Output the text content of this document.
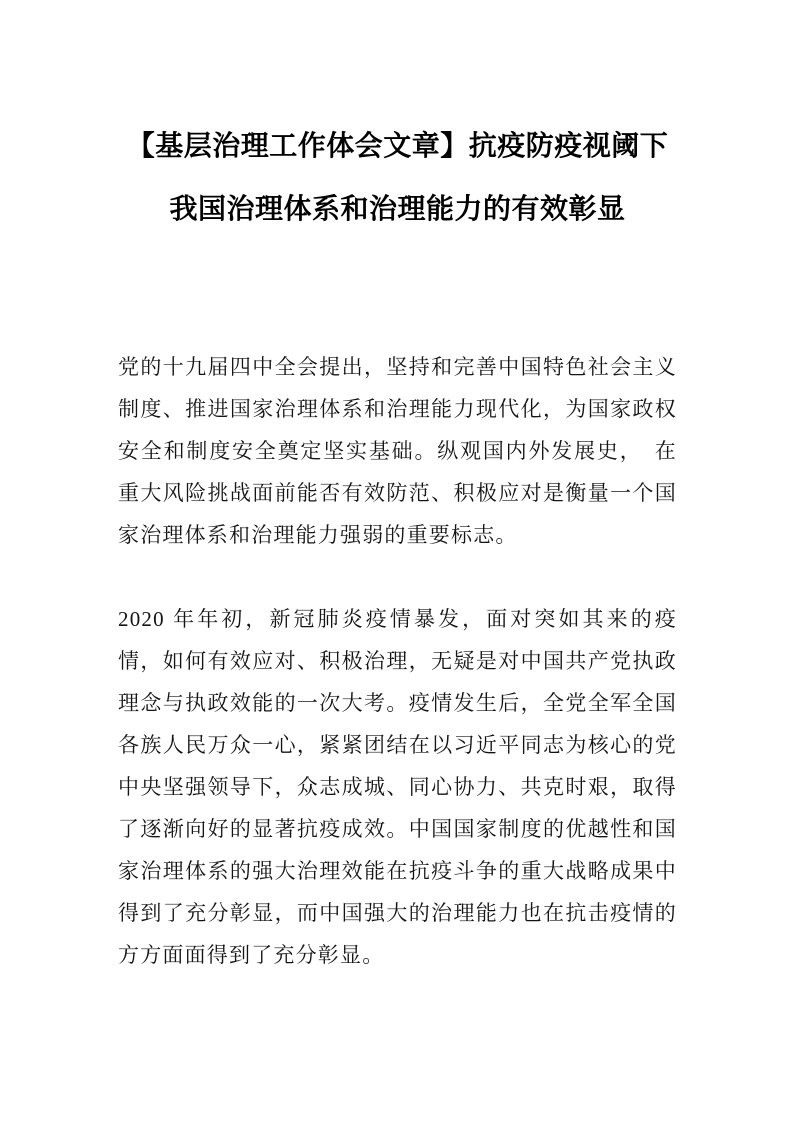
【基层治理工作体会文章】抗疫防疫视阈下
我国治理体系和治理能力的有效彰显

党的十九届四中全会提出，坚持和完善中国特色社会主义制度、推进国家治理体系和治理能力现代化，为国家政权安全和制度安全奠定坚实基础。纵观国内外发展史，　在重大风险挑战面前能否有效防范、积极应对是衡量一个国家治理体系和治理能力强弱的重要标志。

2020 年年初，新冠肺炎疫情暴发，面对突如其来的疫情，如何有效应对、积极治理，无疑是对中国共产党执政理念与执政效能的一次大考。疫情发生后，全党全军全国各族人民万众一心，紧紧团结在以习近平同志为核心的党中央坚强领导下，众志成城、同心协力、共克时艰，取得了逐渐向好的显著抗疫成效。中国国家制度的优越性和国家治理体系的强大治理效能在抗疫斗争的重大战略成果中得到了充分彰显，而中国强大的治理能力也在抗击疫情的方方面面得到了充分彰显。
